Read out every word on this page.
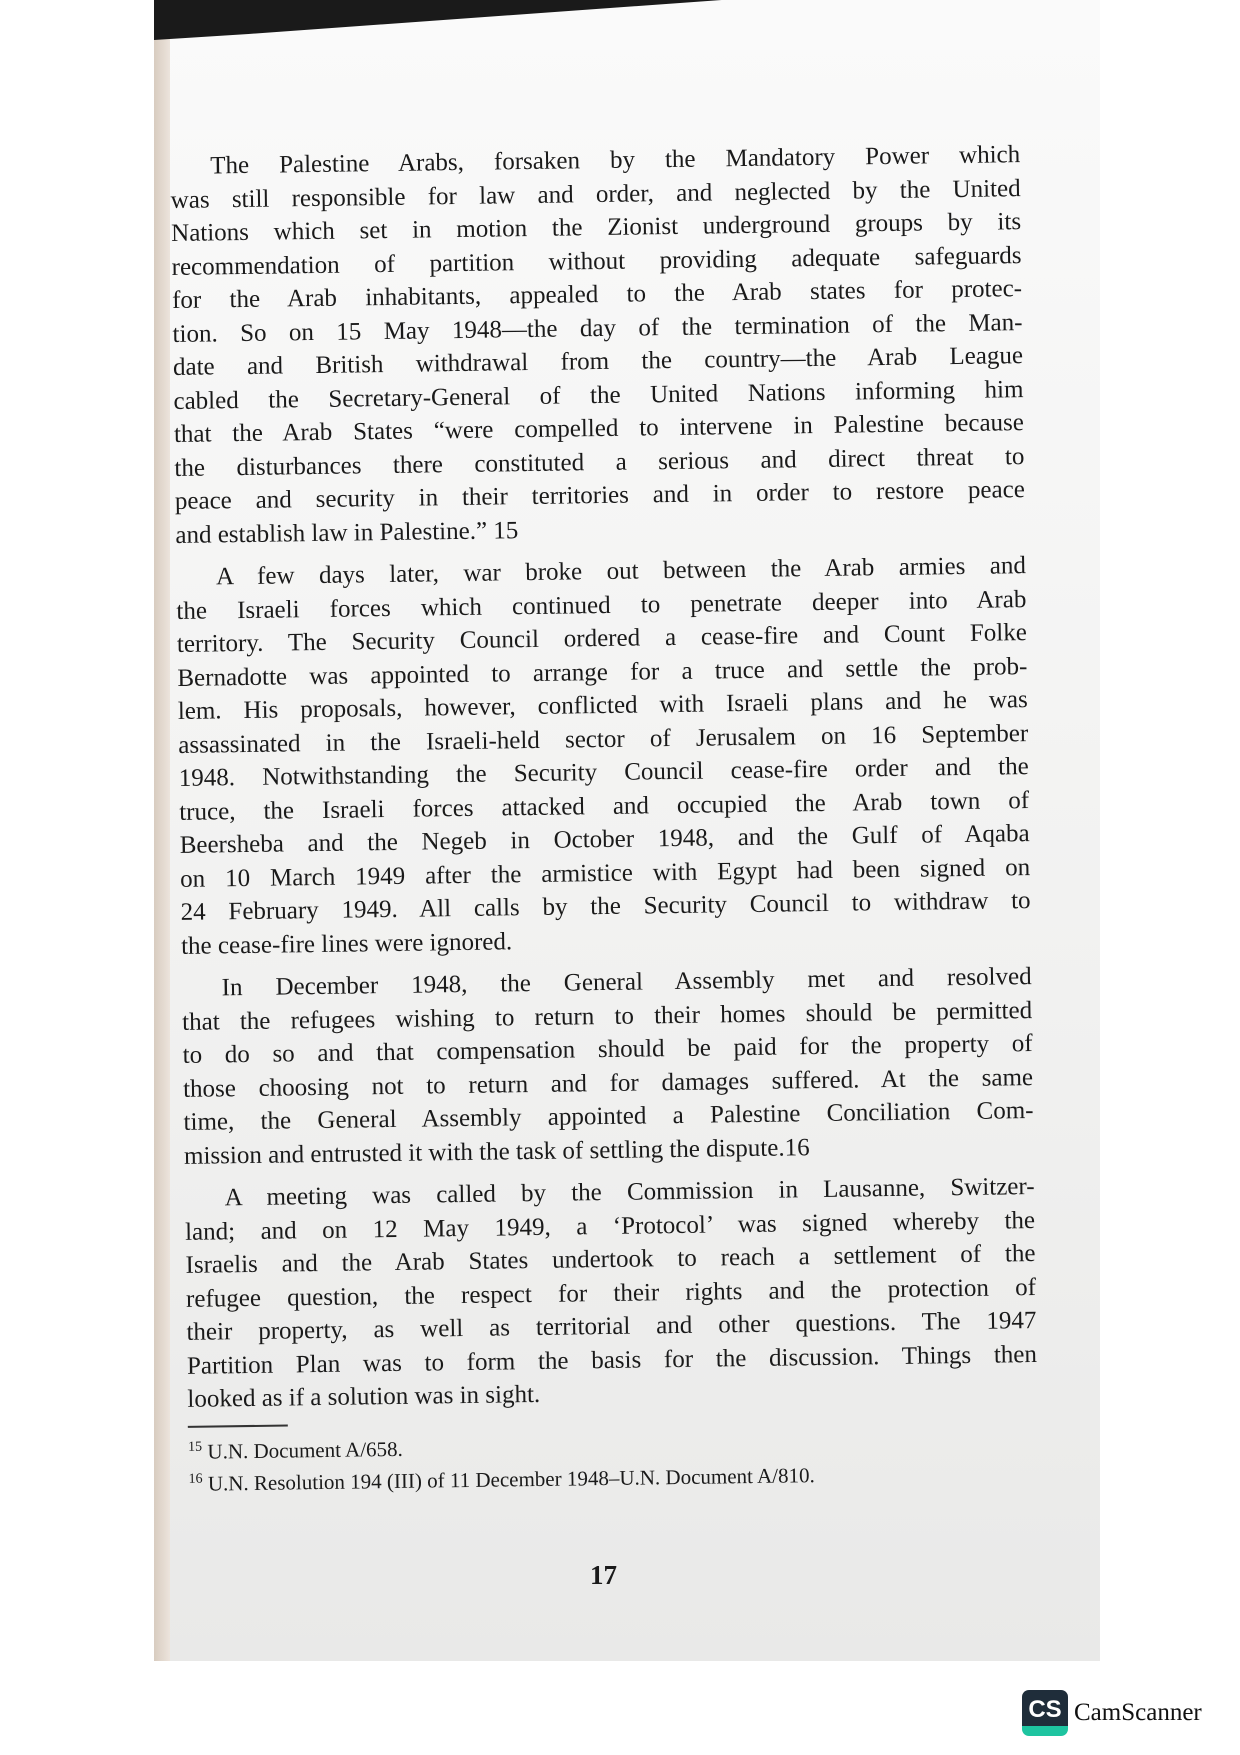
The Palestine Arabs, forsaken by the Mandatory Power which
was still responsible for law and order, and neglected by the United
Nations which set in motion the Zionist underground groups by its
recommendation of partition without providing adequate safeguards
for the Arab inhabitants, appealed to the Arab states for protec-
tion. So on 15 May 1948—the day of the termination of the Man-
date and British withdrawal from the country—the Arab League
cabled the Secretary-General of the United Nations informing him
that the Arab States “were compelled to intervene in Palestine because
the disturbances there constituted a serious and direct threat to
peace and security in their territories and in order to restore peace
and establish law in Palestine.” 15
A few days later, war broke out between the Arab armies and
the Israeli forces which continued to penetrate deeper into Arab
territory. The Security Council ordered a cease-fire and Count Folke
Bernadotte was appointed to arrange for a truce and settle the prob-
lem. His proposals, however, conflicted with Israeli plans and he was
assassinated in the Israeli-held sector of Jerusalem on 16 September
1948. Notwithstanding the Security Council cease-fire order and the
truce, the Israeli forces attacked and occupied the Arab town of
Beersheba and the Negeb in October 1948, and the Gulf of Aqaba
on 10 March 1949 after the armistice with Egypt had been signed on
24 February 1949. All calls by the Security Council to withdraw to
the cease-fire lines were ignored.
In December 1948, the General Assembly met and resolved
that the refugees wishing to return to their homes should be permitted
to do so and that compensation should be paid for the property of
those choosing not to return and for damages suffered. At the same
time, the General Assembly appointed a Palestine Conciliation Com-
mission and entrusted it with the task of settling the dispute.16
A meeting was called by the Commission in Lausanne, Switzer-
land; and on 12 May 1949, a ‘Protocol’ was signed whereby the
Israelis and the Arab States undertook to reach a settlement of the
refugee question, the respect for their rights and the protection of
their property, as well as territorial and other questions. The 1947
Partition Plan was to form the basis for the discussion. Things then
looked as if a solution was in sight.
$^{15}$ U.N. Document A/658.
$^{16}$ U.N. Resolution 194 (III) of 11 December 1948–U.N. Document A/810.
17
CS CamScanner
